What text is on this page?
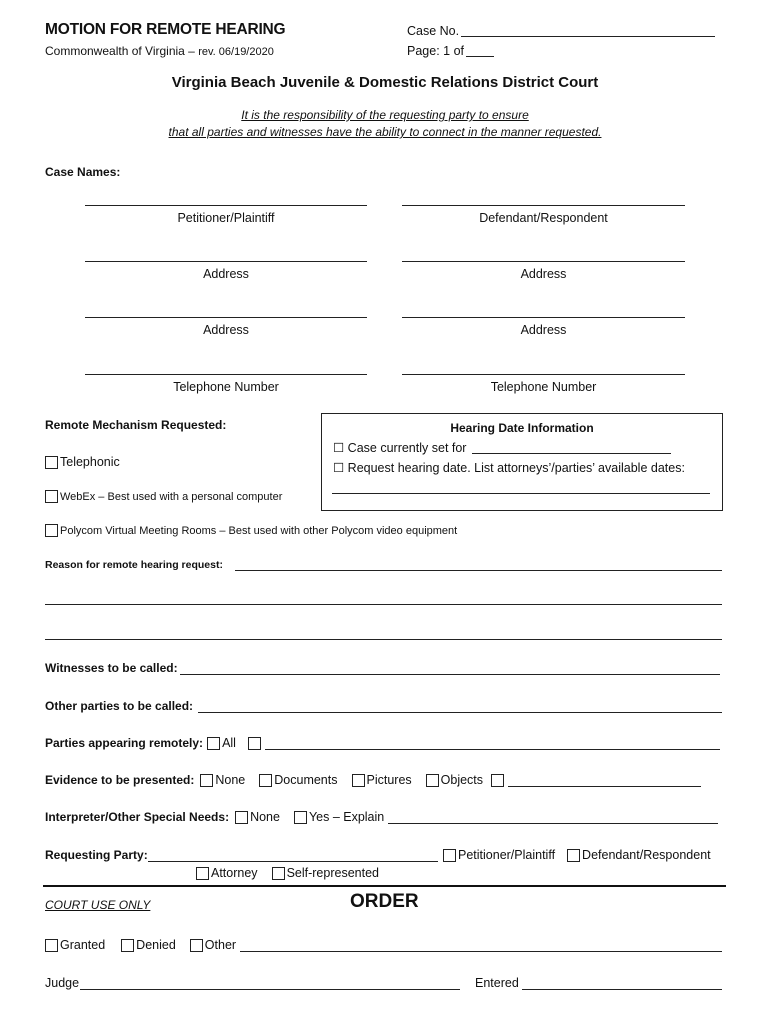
MOTION FOR REMOTE HEARING
Commonwealth of Virginia – rev. 06/19/2020
Case No.
Page: 1 of
Virginia Beach Juvenile & Domestic Relations District Court
It is the responsibility of the requesting party to ensure
that all parties and witnesses have the ability to connect in the manner requested.
Case Names:
Petitioner/Plaintiff	Defendant/Respondent
Address	Address
Address	Address
Telephone Number	Telephone Number
Remote Mechanism Requested:
Telephonic
WebEx – Best used with a personal computer
Polycom Virtual Meeting Rooms – Best used with other Polycom video equipment
Hearing Date Information
☐ Case currently set for
☐ Request hearing date. List attorneys’/parties’ available dates:
Reason for remote hearing request:
Witnesses to be called:
Other parties to be called:
Parties appearing remotely: All
Evidence to be presented: None Documents Pictures Objects
Interpreter/Other Special Needs: None Yes – Explain
Requesting Party:	Petitioner/Plaintiff Defendant/Respondent
Attorney Self-represented
COURT USE ONLY	ORDER
Granted Denied Other
Judge	Entered
